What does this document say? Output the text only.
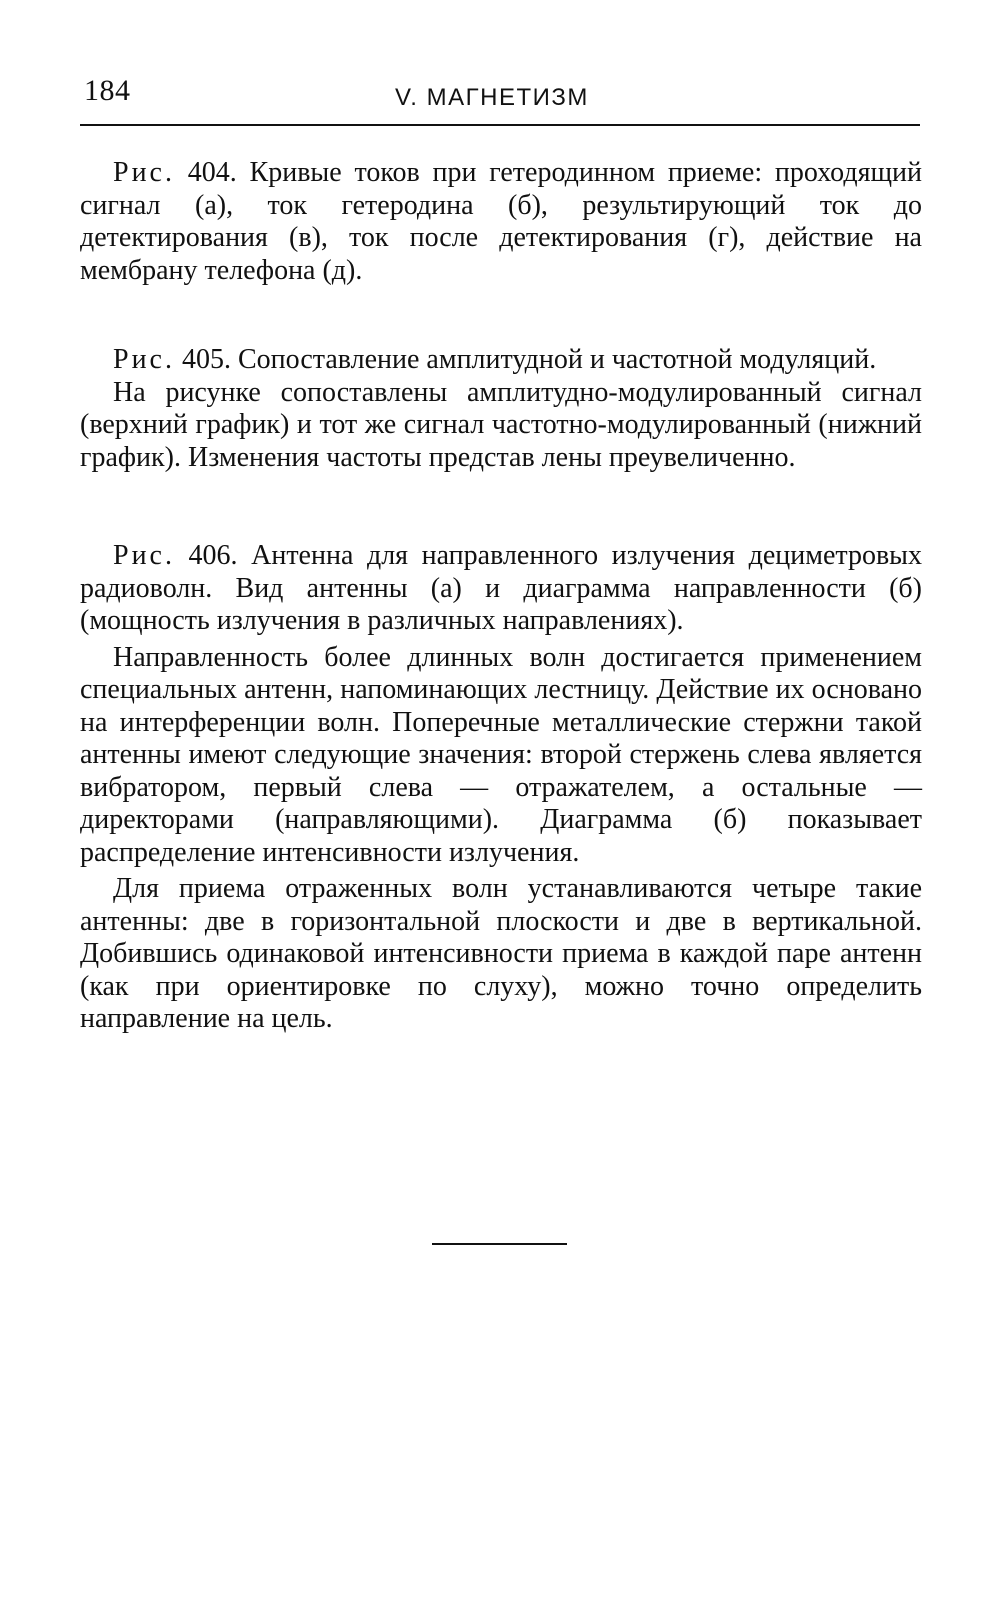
184	V. МАГНЕТИЗМ

Рис. 404. Кривые токов при гетеродинном приеме: проходящий сигнал (а), ток гетеродина (б), результирующий ток до детектирования (в), ток после детектирования (г), действие на мембрану телефона (д).

Рис. 405. Сопоставление амплитудной и частотной модуляций.

На рисунке сопоставлены амплитудно-модулированный сигнал (верхний график) и тот же сигнал частотно-модулированный (нижний график). Изменения частоты представ лены преувеличенно.

Рис. 406. Антенна для направленного излучения дециметровых радиоволн. Вид антенны (а) и диаграмма направленности (б) (мощность излучения в различных направлениях).

Направленность более длинных волн достигается применением специальных антенн, напоминающих лестницу. Действие их основано на интерференции волн. Поперечные металлические стержни такой антенны имеют следующие значения: второй стержень слева является вибратором, первый слева — отражателем, а остальные — директорами (направляющими). Диаграмма (б) показывает распределение интенсивности излучения.

Для приема отраженных волн устанавливаются четыре такие антенны: две в горизонтальной плоскости и две в вертикальной. Добившись одинаковой интенсивности приема в каждой паре антенн (как при ориентировке по слуху), можно точно определить направление на цель.
